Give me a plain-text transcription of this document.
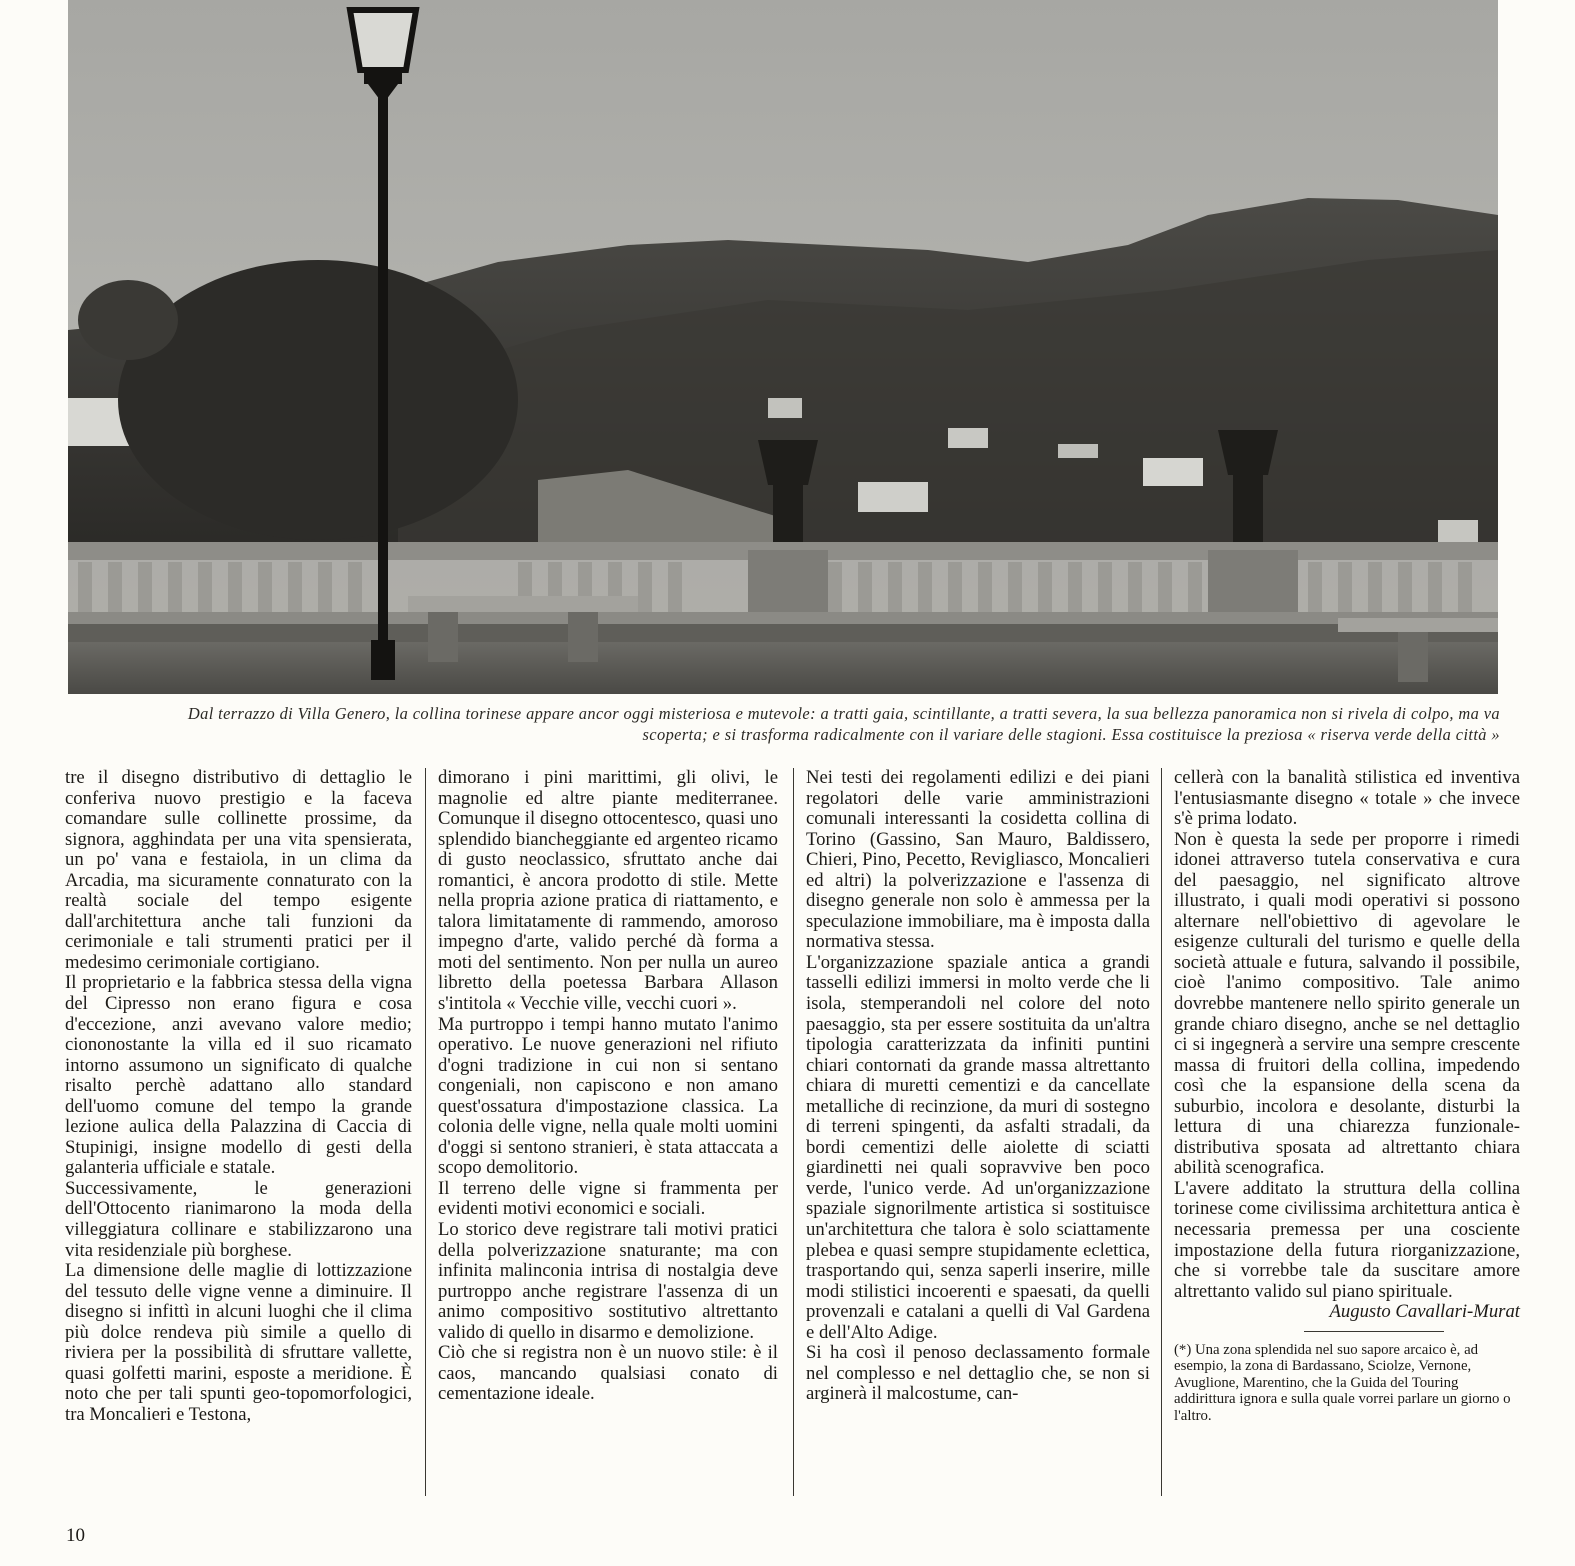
Dal terrazzo di Villa Genero, la collina torinese appare ancor oggi misteriosa e mutevole: a tratti gaia, scintillante, a tratti severa, la sua bellezza panoramica non si rivela di colpo, ma va scoperta; e si trasforma radicalmente con il variare delle stagioni. Essa costituisce la preziosa « riserva verde della città »

tre il disegno distributivo di dettaglio le conferiva nuovo prestigio e la faceva comandare sulle collinette prossime, da signora, agghindata per una vita spensierata, un po' vana e festaiola, in un clima da Arcadia, ma sicuramente connaturato con la realtà sociale del tempo esigente dall'architettura anche tali funzioni da cerimoniale e tali strumenti pratici per il medesimo cerimoniale cortigiano.

Il proprietario e la fabbrica stessa della vigna del Cipresso non erano figura e cosa d'eccezione, anzi avevano valore medio; ciononostante la villa ed il suo ricamato intorno assumono un significato di qualche risalto perchè adattano allo standard dell'uomo comune del tempo la grande lezione aulica della Palazzina di Caccia di Stupinigi, insigne modello di gesti della galanteria ufficiale e statale.

Successivamente, le generazioni dell'Ottocento rianimarono la moda della villeggiatura collinare e stabilizzarono una vita residenziale più borghese.

La dimensione delle maglie di lottizzazione del tessuto delle vigne venne a diminuire. Il disegno si infittì in alcuni luoghi che il clima più dolce rendeva più simile a quello di riviera per la possibilità di sfruttare vallette, quasi golfetti marini, esposte a meridione. È noto che per tali spunti geo-topomorfologici, tra Moncalieri e Testona,

dimorano i pini marittimi, gli olivi, le magnolie ed altre piante mediterranee. Comunque il disegno ottocentesco, quasi uno splendido biancheggiante ed argenteo ricamo di gusto neoclassico, sfruttato anche dai romantici, è ancora prodotto di stile. Mette nella propria azione pratica di riattamento, e talora limitatamente di rammendo, amoroso impegno d'arte, valido perché dà forma a moti del sentimento. Non per nulla un aureo libretto della poetessa Barbara Allason s'intitola « Vecchie ville, vecchi cuori ».

Ma purtroppo i tempi hanno mutato l'animo operativo. Le nuove generazioni nel rifiuto d'ogni tradizione in cui non si sentano congeniali, non capiscono e non amano quest'ossatura d'impostazione classica. La colonia delle vigne, nella quale molti uomini d'oggi si sentono stranieri, è stata attaccata a scopo demolitorio.

Il terreno delle vigne si frammenta per evidenti motivi economici e sociali.

Lo storico deve registrare tali motivi pratici della polverizzazione snaturante; ma con infinita malinconia intrisa di nostalgia deve purtroppo anche registrare l'assenza di un animo compositivo sostitutivo altrettanto valido di quello in disarmo e demolizione.

Ciò che si registra non è un nuovo stile: è il caos, mancando qualsiasi conato di cementazione ideale.

Nei testi dei regolamenti edilizi e dei piani regolatori delle varie amministrazioni comunali interessanti la cosidetta collina di Torino (Gassino, San Mauro, Baldissero, Chieri, Pino, Pecetto, Revigliasco, Moncalieri ed altri) la polverizzazione e l'assenza di disegno generale non solo è ammessa per la speculazione immobiliare, ma è imposta dalla normativa stessa.

L'organizzazione spaziale antica a grandi tasselli edilizi immersi in molto verde che li isola, stemperandoli nel colore del noto paesaggio, sta per essere sostituita da un'altra tipologia caratterizzata da infiniti puntini chiari contornati da grande massa altrettanto chiara di muretti cementizi e da cancellate metalliche di recinzione, da muri di sostegno di terreni spingenti, da asfalti stradali, da bordi cementizi delle aiolette di sciatti giardinetti nei quali sopravvive ben poco verde, l'unico verde. Ad un'organizzazione spaziale signorilmente artistica si sostituisce un'architettura che talora è solo sciattamente plebea e quasi sempre stupidamente eclettica, trasportando qui, senza saperli inserire, mille modi stilistici incoerenti e spaesati, da quelli provenzali e catalani a quelli di Val Gardena e dell'Alto Adige.

Si ha così il penoso declassamento formale nel complesso e nel dettaglio che, se non si arginerà il malcostume, can-

cellerà con la banalità stilistica ed inventiva l'entusiasmante disegno « totale » che invece s'è prima lodato.

Non è questa la sede per proporre i rimedi idonei attraverso tutela conservativa e cura del paesaggio, nel significato altrove illustrato, i quali modi operativi si possono alternare nell'obiettivo di agevolare le esigenze culturali del turismo e quelle della società attuale e futura, salvando il possibile, cioè l'animo compositivo. Tale animo dovrebbe mantenere nello spirito generale un grande chiaro disegno, anche se nel dettaglio ci si ingegnerà a servire una sempre crescente massa di fruitori della collina, impedendo così che la espansione della scena da suburbio, incolora e desolante, disturbi la lettura di una chiarezza funzionale-distributiva sposata ad altrettanto chiara abilità scenografica.

L'avere additato la struttura della collina torinese come civilissima architettura antica è necessaria premessa per una cosciente impostazione della futura riorganizzazione, che si vorrebbe tale da suscitare amore altrettanto valido sul piano spirituale.

Augusto Cavallari-Murat

(*) Una zona splendida nel suo sapore arcaico è, ad esempio, la zona di Bardassano, Sciolze, Vernone, Avuglione, Marentino, che la Guida del Touring addirittura ignora e sulla quale vorrei parlare un giorno o l'altro.

10
